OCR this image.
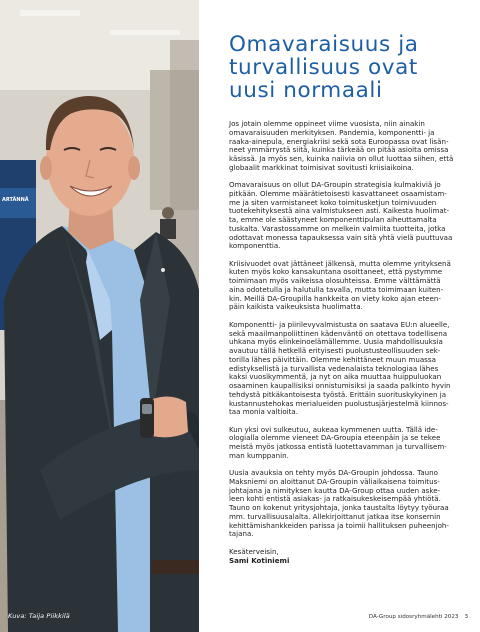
ARTÄNNÄ
Kuva: Taija Piikkilä
Omavaraisuus ja
turvallisuus ovat
uusi normaali

Jos jotain olemme oppineet viime vuosista, niin ainakin
omavaraisuuden merkityksen. Pandemia, komponentti- ja
raaka-ainepula, energiakriisi sekä sota Euroopassa ovat lisän-
neet ymmärrystä siitä, kuinka tärkeää on pitää asioita omissa
käsissä. Ja myös sen, kuinka naiivia on ollut luottaa siihen, että
globaalit markkinat toimisivat sovitusti kriisiaikoina.

Omavaraisuus on ollut DA-Groupin strategisia kulmakiviä jo
pitkään. Olemme määrätietoisesti kasvattaneet osaamistam-
me ja siten varmistaneet koko toimitusketjun toimivuuden
tuotekehityksestä aina valmistukseen asti. Kaikesta huolimat-
ta, emme ole säästyneet komponenttipulan aiheuttamalta
tuskalta. Varastossamme on melkein valmiita tuotteita, jotka
odottavat monessa tapauksessa vain sitä yhtä vielä puuttuvaa
komponenttia.

Kriisivuodet ovat jättäneet jälkensä, mutta olemme yrityksenä
kuten myös koko kansakuntana osoittaneet, että pystymme
toimimaan myös vaikeissa olosuhteissa. Emme välttämättä
aina odotetulla ja halutulla tavalla, mutta toimimaan kuiten-
kin. Meillä DA-Groupilla hankkeita on viety koko ajan eteen-
päin kaikista vaikeuksista huolimatta.

Komponentti- ja piirilevyvalmistusta on saatava EU:n alueelle,
sekä maailmanpoliittinen kädenväntö on otettava todellisena
uhkana myös elinkeinoelämällemme. Uusia mahdollisuuksia
avautuu tällä hetkellä erityisesti puolustusteollisuuden sek-
torilla lähes päivittäin. Olemme kehittäneet muun muassa
edistyksellistä ja turvallista vedenalaista teknologiaa lähes
kaksi vuosikymmentä, ja nyt on aika muuttaa huippuluokan
osaaminen kaupallisiksi onnistumisiksi ja saada palkinto hyvin
tehdystä pitkäkantoisesta työstä. Erittäin suorituskykyinen ja
kustannustehokas merialueiden puolustusjärjestelmä kiinnos-
taa monia valtioita.

Kun yksi ovi sulkeutuu, aukeaa kymmenen uutta. Tällä ide-
ologialla olemme vieneet DA-Groupia eteenpäin ja se tekee
meistä myös jatkossa entistä luotettavamman ja turvallisem-
man kumppanin.

Uusia avauksia on tehty myös DA-Groupin johdossa. Tauno
Maksniemi on aloittanut DA-Groupin väliaikaisena toimitus-
johtajana ja nimityksen kautta DA-Group ottaa uuden aske-
leen kohti entistä asiakas- ja ratkaisukeskeisempää yhtiötä.
Tauno on kokenut yritysjohtaja, jonka taustalta löytyy työuraa
mm. turvallisuusalalta. Allekirjoittanut jatkaa itse konsernin
kehittämishankkeiden parissa ja toimii hallituksen puheenjoh-
tajana.

Kesäterveisin,
Sami Kotiniemi
DA-Group sidosryhmälehti 2023 3
